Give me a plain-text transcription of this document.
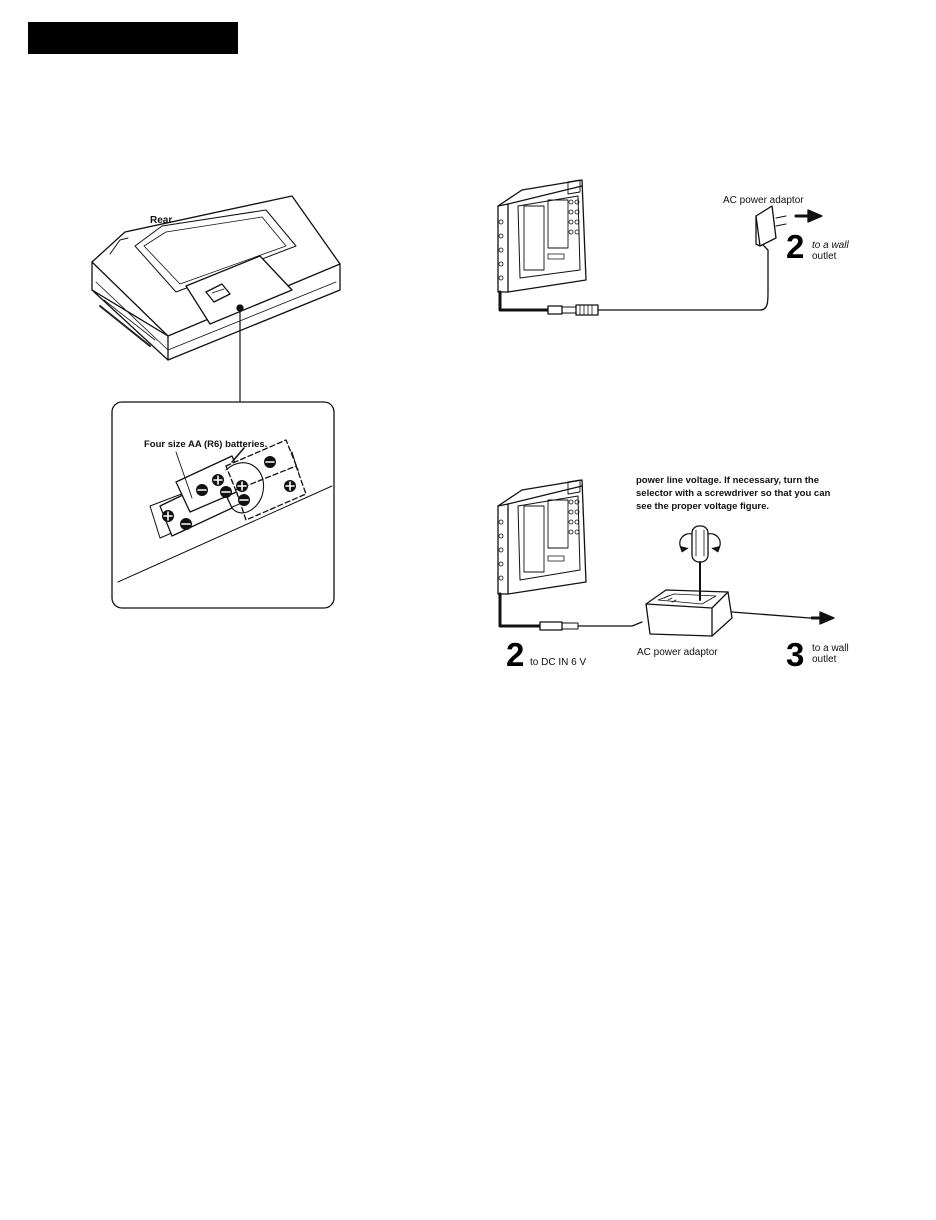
Rear
Four size AA (R6) batteries.
AC power adaptor
2 to a wall
outlet
power line voltage. If necessary, turn the selector with a screwdriver so that you can see the proper voltage figure.
2 to DC IN 6 V
AC power adaptor 3 to a wall
outlet
